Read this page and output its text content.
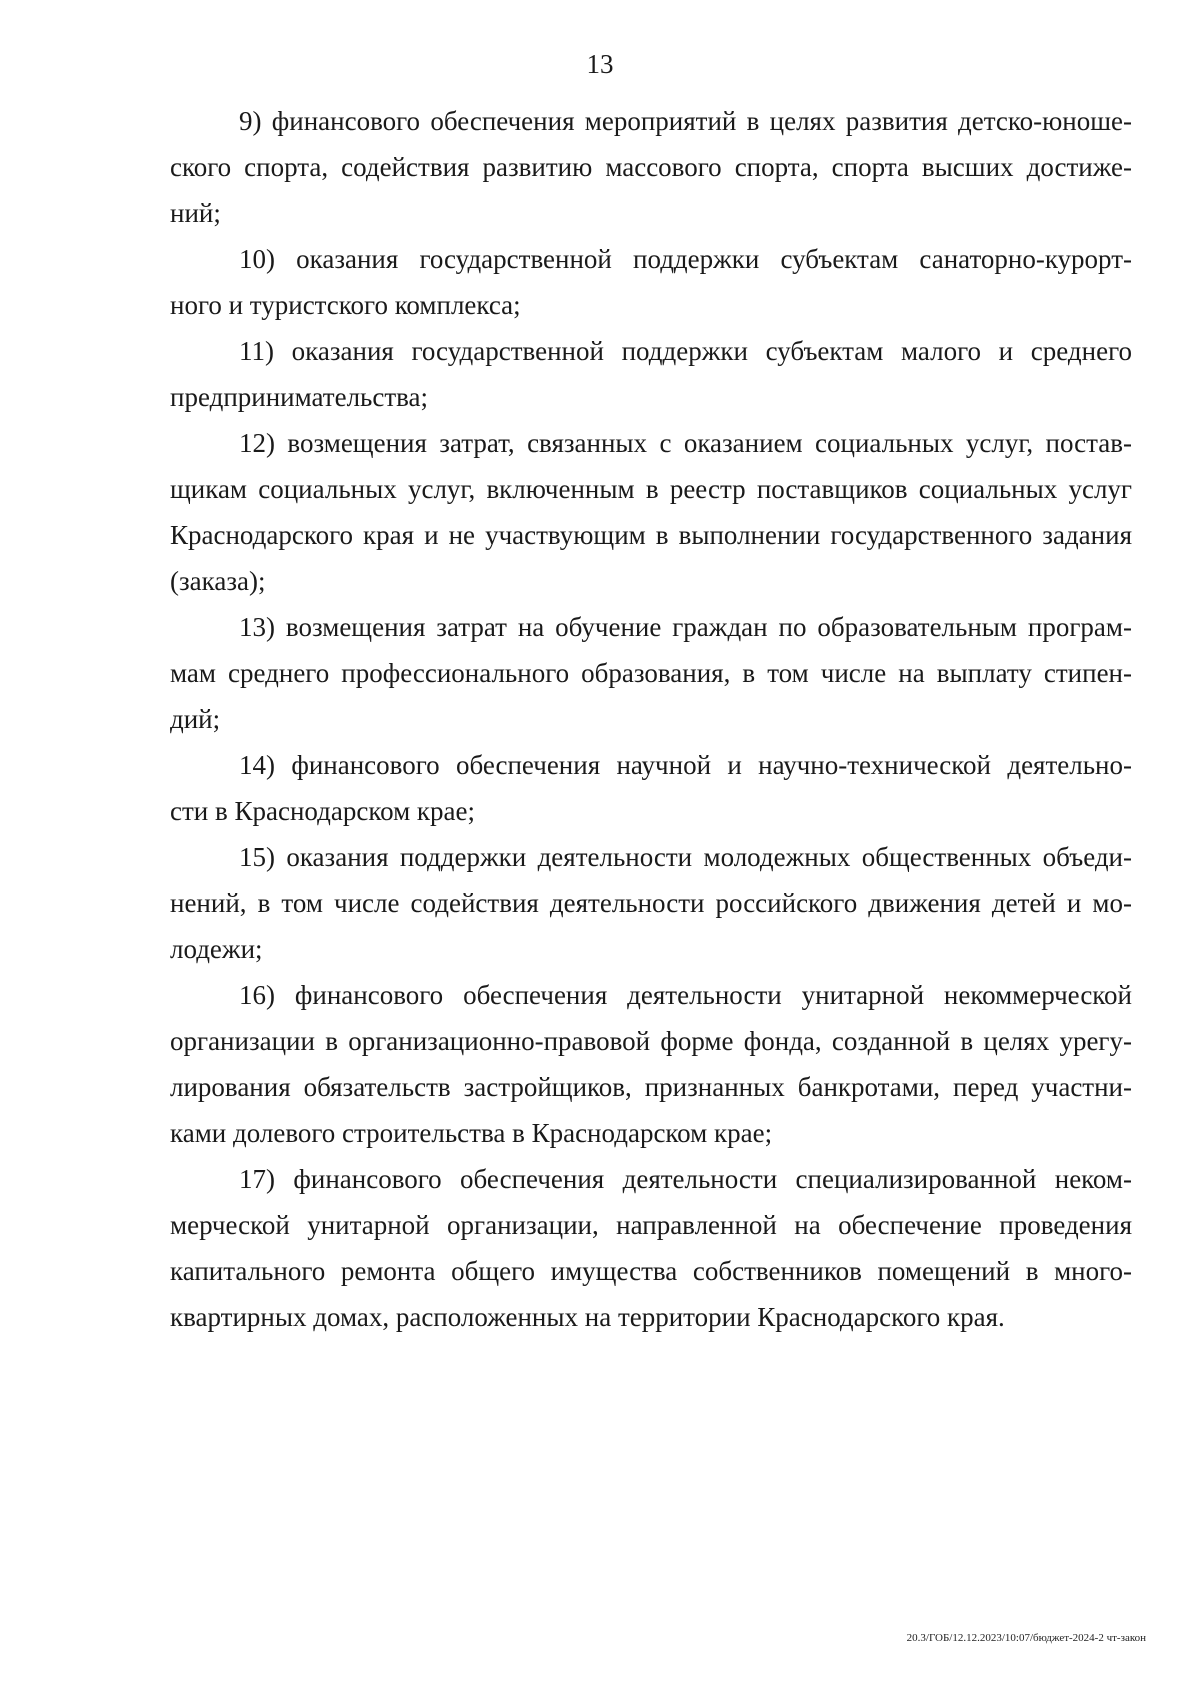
13
9) финансового обеспечения мероприятий в целях развития детско-юноше-
ского спорта, содействия развитию массового спорта, спорта высших достиже-
ний;
10) оказания государственной поддержки субъектам санаторно-курорт-
ного и туристского комплекса;
11) оказания государственной поддержки субъектам малого и среднего
предпринимательства;
12) возмещения затрат, связанных с оказанием социальных услуг, постав-
щикам социальных услуг, включенным в реестр поставщиков социальных услуг
Краснодарского края и не участвующим в выполнении государственного задания
(заказа);
13) возмещения затрат на обучение граждан по образовательным програм-
мам среднего профессионального образования, в том числе на выплату стипен-
дий;
14) финансового обеспечения научной и научно-технической деятельно-
сти в Краснодарском крае;
15) оказания поддержки деятельности молодежных общественных объеди-
нений, в том числе содействия деятельности российского движения детей и мо-
лодежи;
16) финансового обеспечения деятельности унитарной некоммерческой
организации в организационно-правовой форме фонда, созданной в целях урегу-
лирования обязательств застройщиков, признанных банкротами, перед участни-
ками долевого строительства в Краснодарском крае;
17) финансового обеспечения деятельности специализированной неком-
мерческой унитарной организации, направленной на обеспечение проведения
капитального ремонта общего имущества собственников помещений в много-
квартирных домах, расположенных на территории Краснодарского края.
20.3/ГОБ/12.12.2023/10:07/бюджет-2024-2 чт-закон
